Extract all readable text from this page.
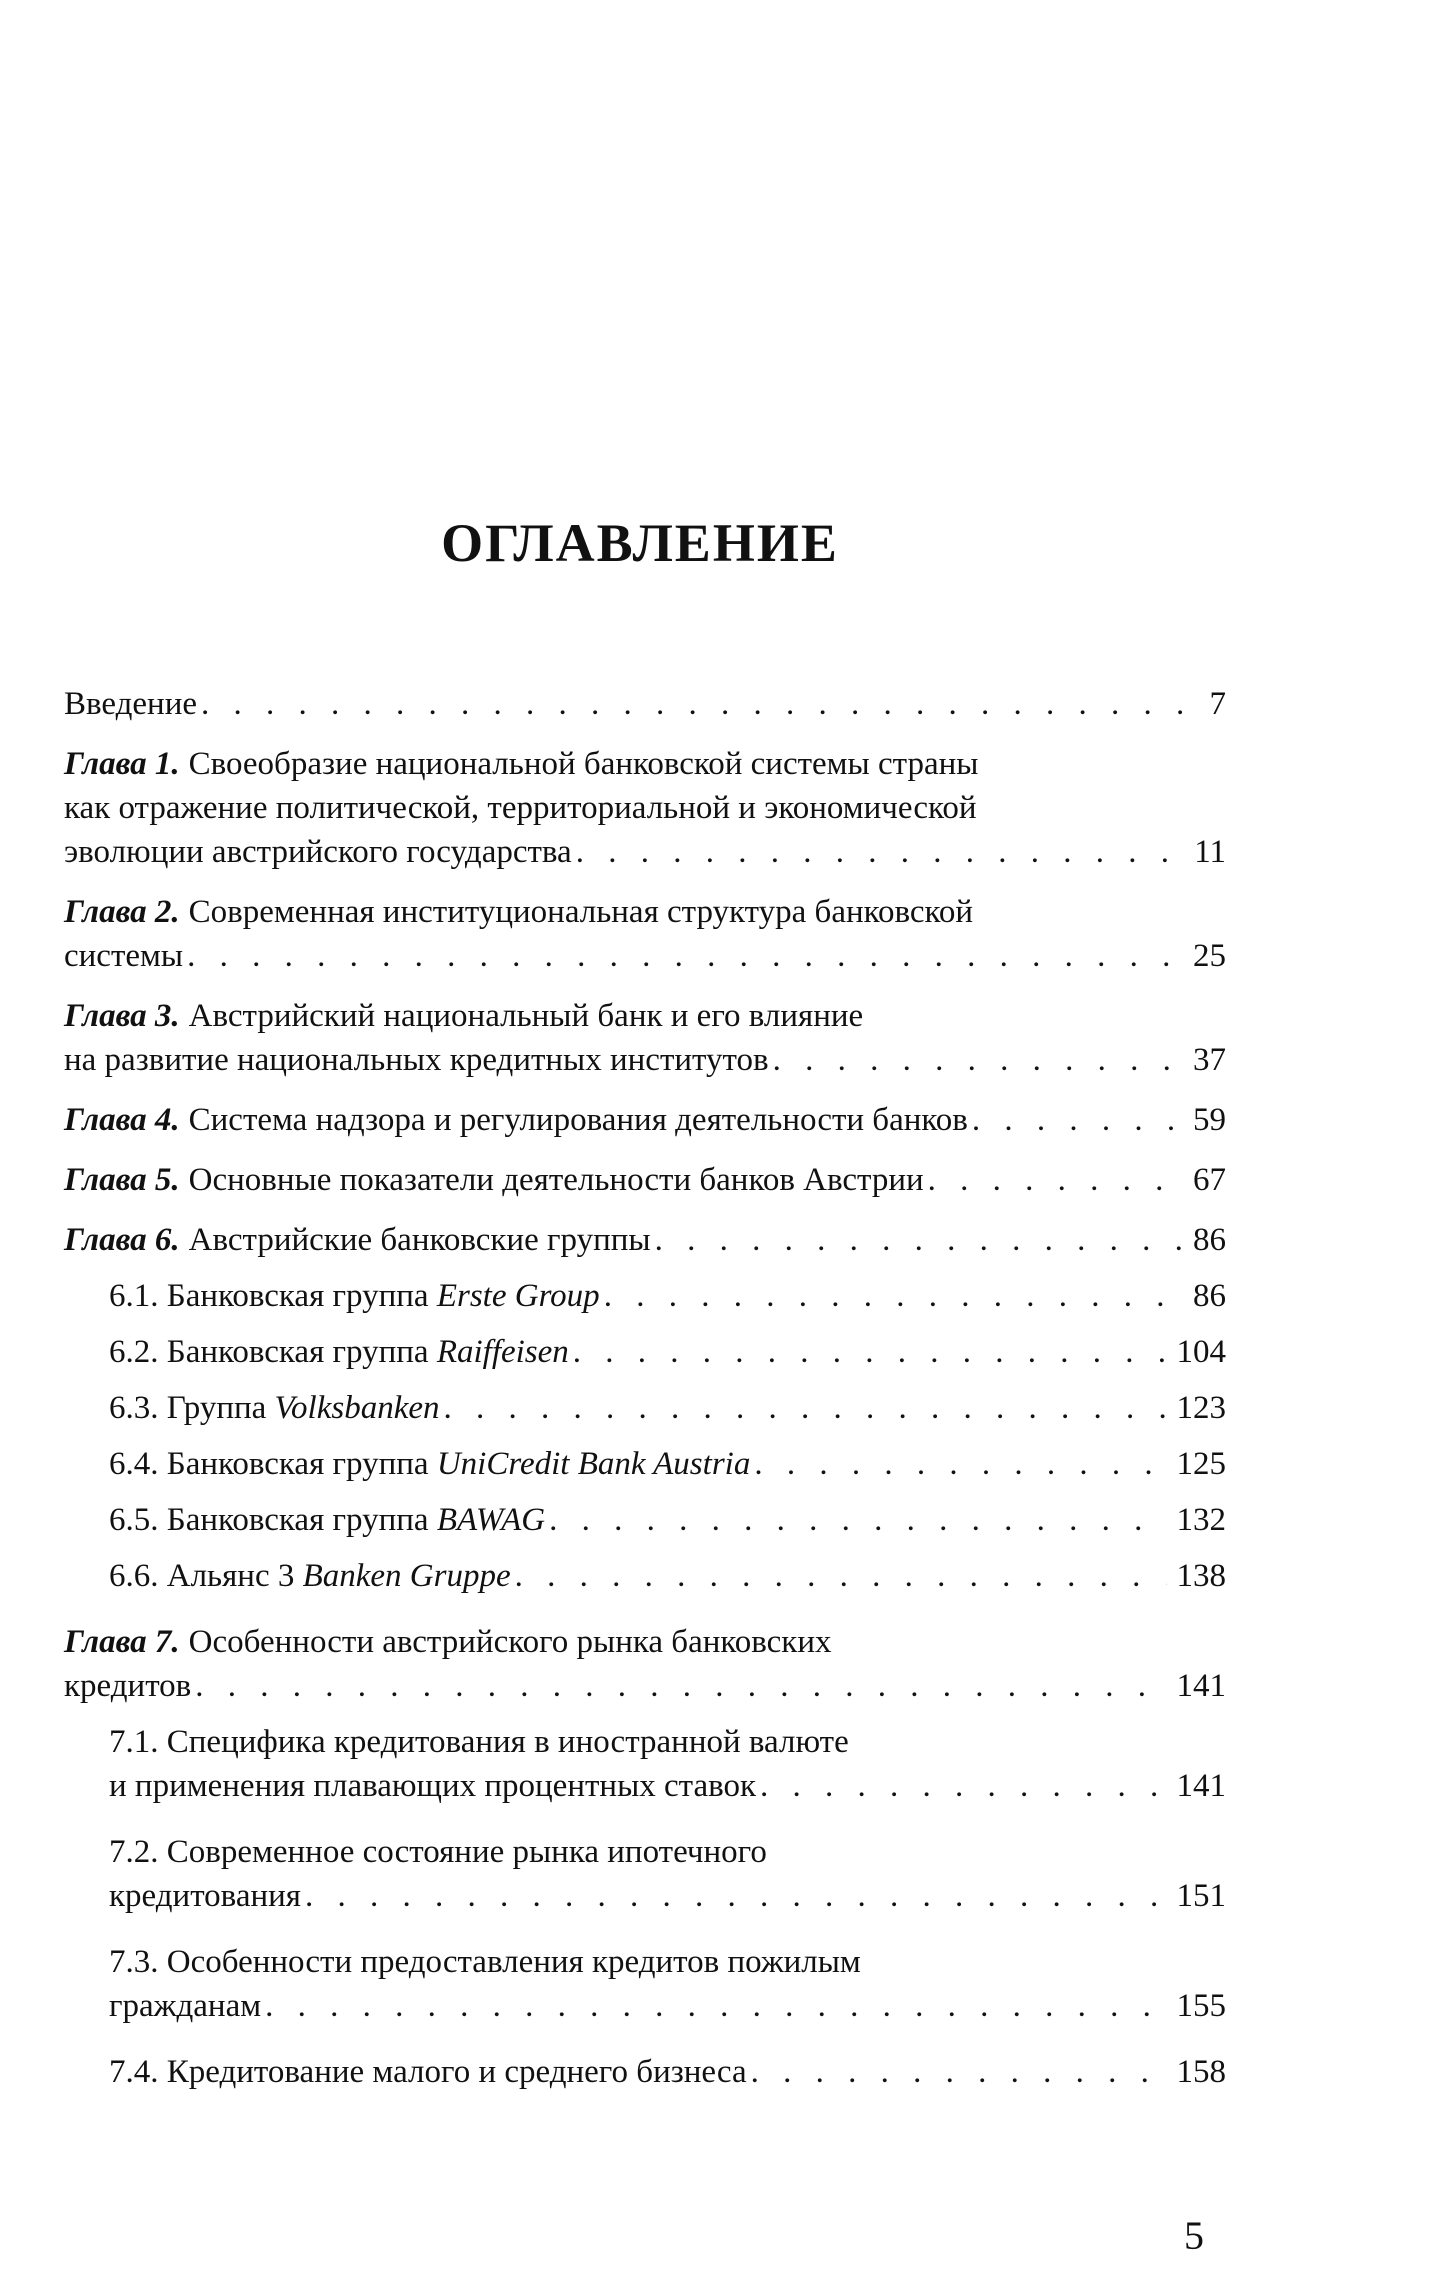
ОГЛАВЛЕНИЕ
Введение . . .	7
Глава 1. Своеобразие национальной банковской системы страны
как отражение политической, территориальной и экономической
эволюции австрийского государства . . .	11
Глава 2. Современная институциональная структура банковской
системы . . .	25
Глава 3. Австрийский национальный банк и его влияние
на развитие национальных кредитных институтов . . .	37
Глава 4. Система надзора и регулирования деятельности банков . . .	59
Глава 5. Основные показатели деятельности банков Австрии . . .	67
Глава 6. Австрийские банковские группы . . .	86
6.1. Банковская группа Erste Group . . .	86
6.2. Банковская группа Raiffeisen . . .	104
6.3. Группа Volksbanken . . .	123
6.4. Банковская группа UniCredit Bank Austria . . .	125
6.5. Банковская группа BAWAG . . .	132
6.6. Альянс 3 Banken Gruppe . . .	138
Глава 7. Особенности австрийского рынка банковских
кредитов . . .	141
7.1. Специфика кредитования в иностранной валюте
и применения плавающих процентных ставок . . .	141
7.2. Современное состояние рынка ипотечного
кредитования . . .	151
7.3. Особенности предоставления кредитов пожилым
гражданам . . .	155
7.4. Кредитование малого и среднего бизнеса . . .	158
5
